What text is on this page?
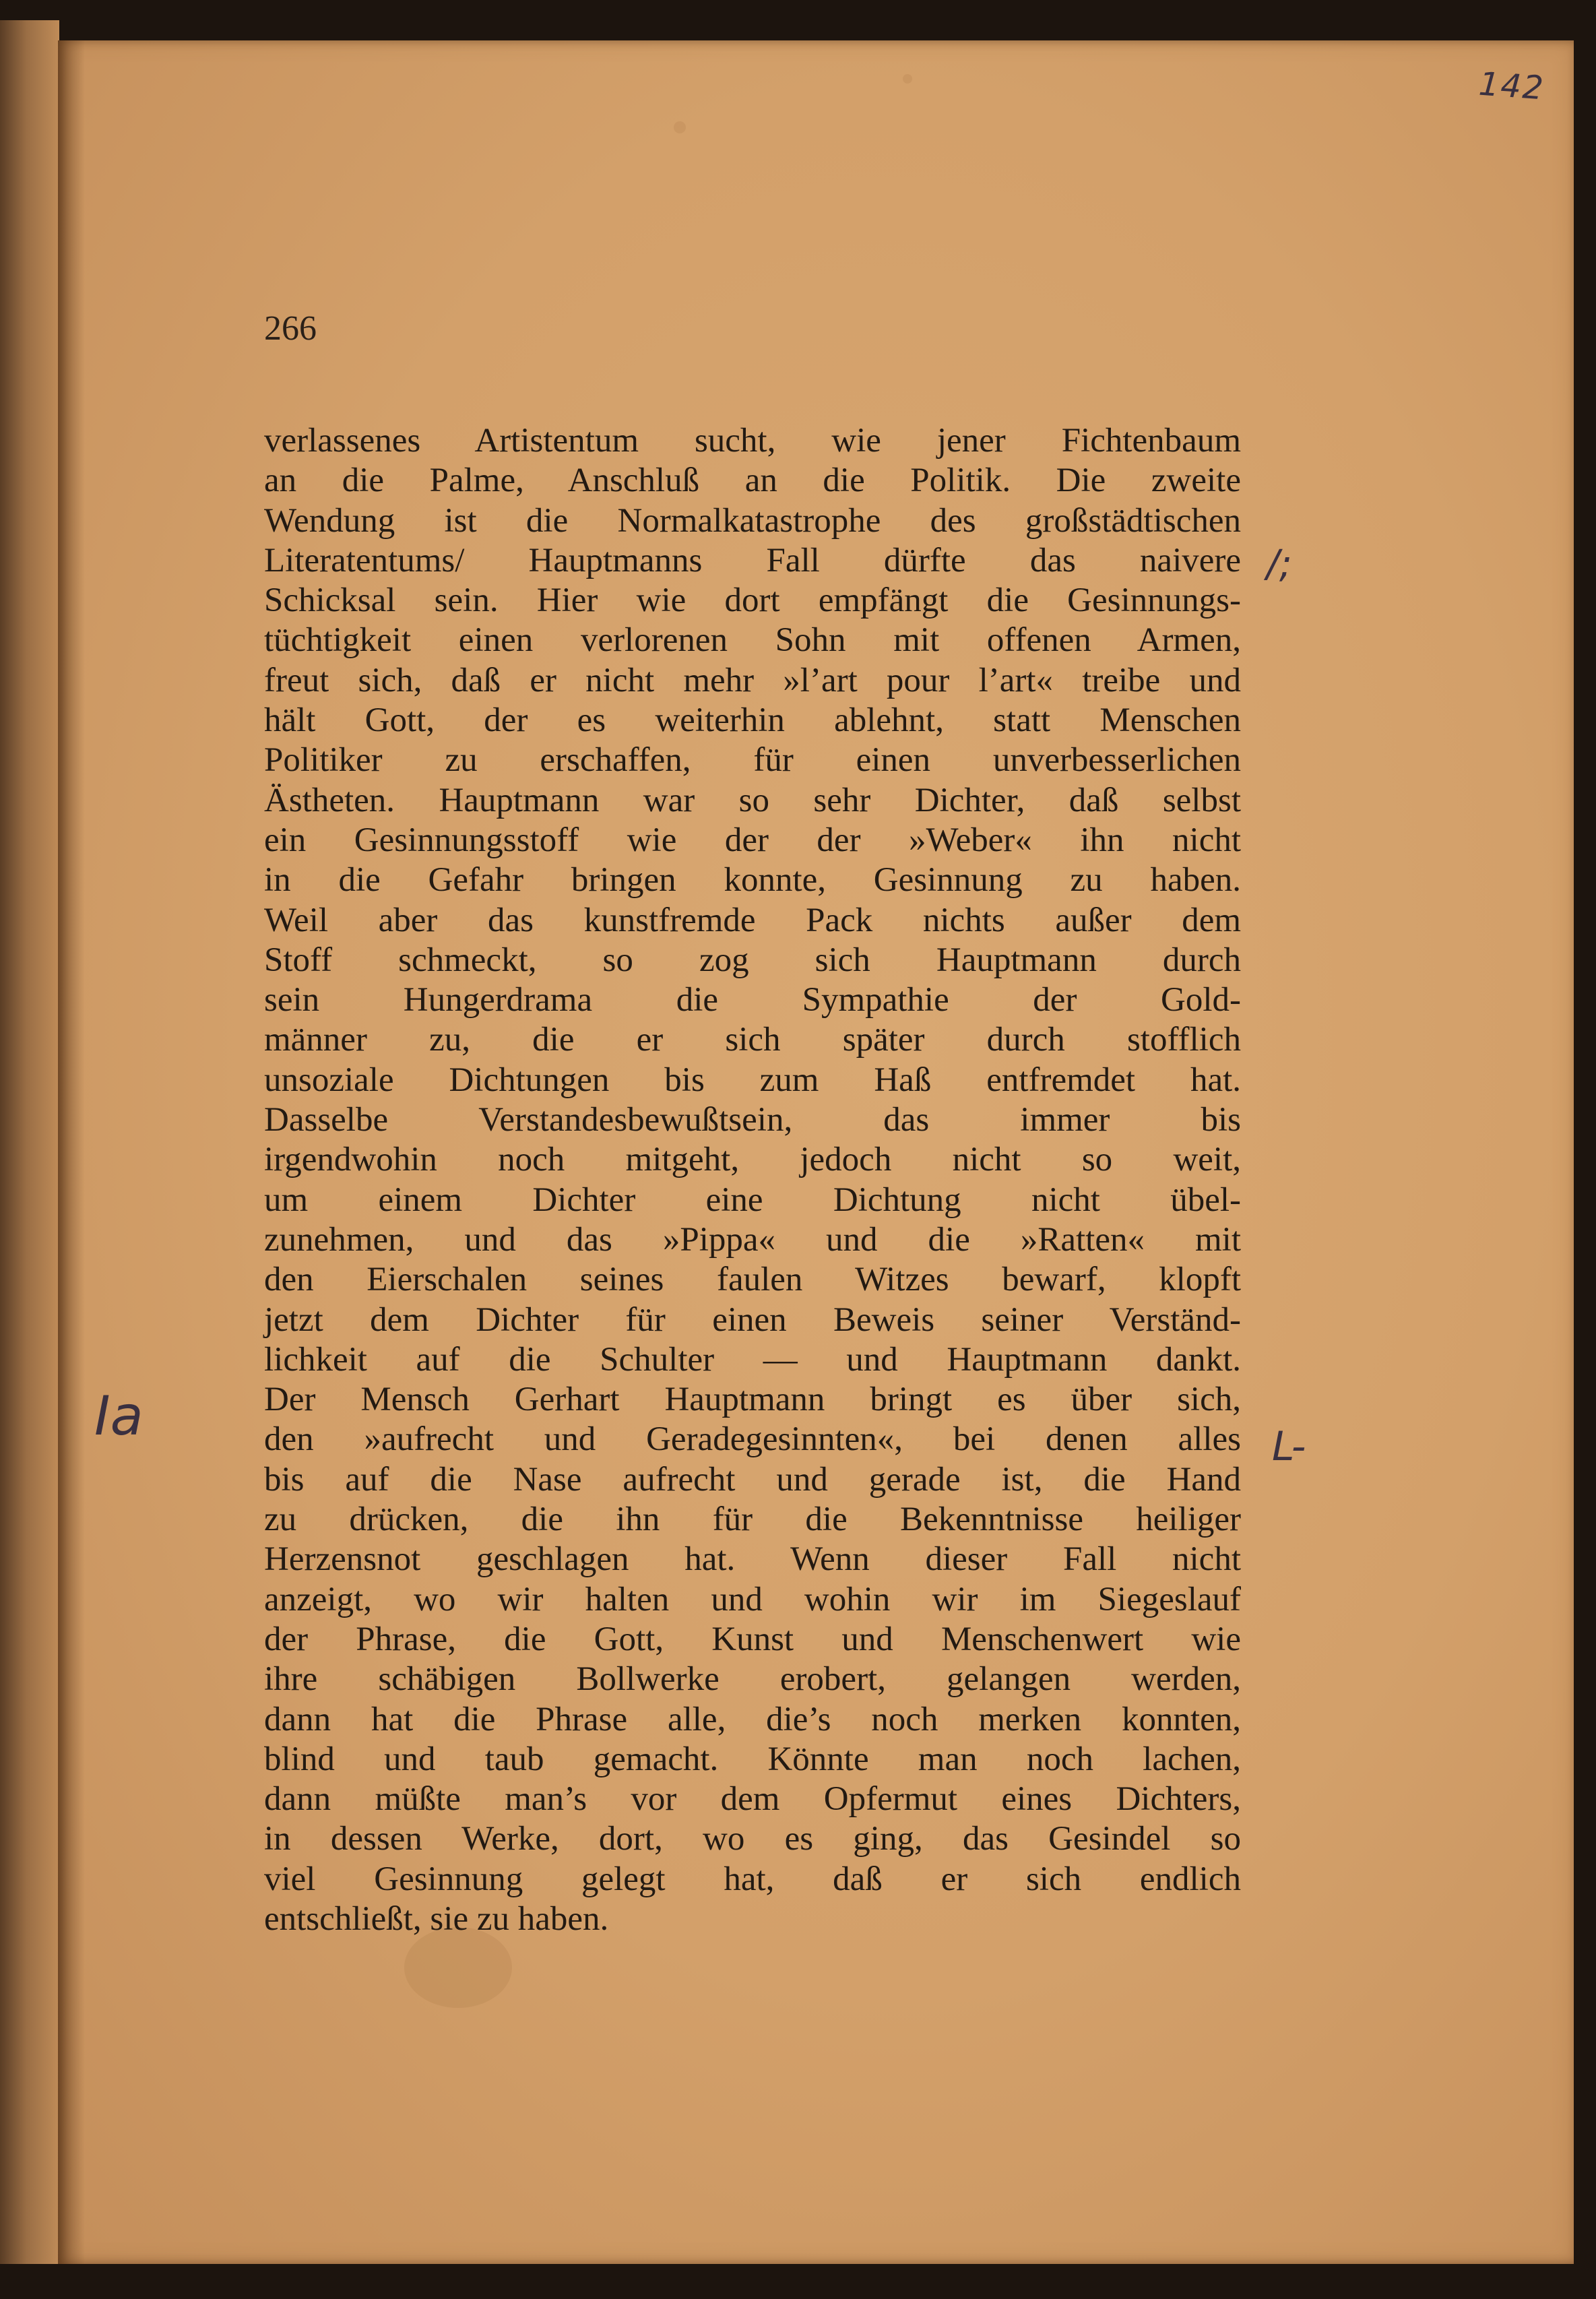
142
266
verlassenes Artistentum sucht, wie jener Fichtenbaum
an die Palme, Anschluß an die Politik. Die zweite
Wendung ist die Normalkatastrophe des großstädtischen
Literatentums/ Hauptmanns Fall dürfte das naivere
Schicksal sein. Hier wie dort empfängt die Gesinnungs-
tüchtigkeit einen verlorenen Sohn mit offenen Armen,
freut sich, daß er nicht mehr »l’art pour l’art« treibe und
hält Gott, der es weiterhin ablehnt, statt Menschen
Politiker zu erschaffen, für einen unverbesserlichen
Ästheten. Hauptmann war so sehr Dichter, daß selbst
ein Gesinnungsstoff wie der der »Weber« ihn nicht
in die Gefahr bringen konnte, Gesinnung zu haben.
Weil aber das kunstfremde Pack nichts außer dem
Stoff schmeckt, so zog sich Hauptmann durch
sein Hungerdrama die Sympathie der Gold-
männer zu, die er sich später durch stofflich
unsoziale Dichtungen bis zum Haß entfremdet hat.
Dasselbe Verstandesbewußtsein, das immer bis
irgendwohin noch mitgeht, jedoch nicht so weit,
um einem Dichter eine Dichtung nicht übel-
zunehmen, und das »Pippa« und die »Ratten« mit
den Eierschalen seines faulen Witzes bewarf, klopft
jetzt dem Dichter für einen Beweis seiner Verständ-
lichkeit auf die Schulter — und Hauptmann dankt.
Der Mensch Gerhart Hauptmann bringt es über sich,
den »aufrecht und Geradegesinnten«, bei denen alles
bis auf die Nase aufrecht und gerade ist, die Hand
zu drücken, die ihn für die Bekenntnisse heiliger
Herzensnot geschlagen hat. Wenn dieser Fall nicht
anzeigt, wo wir halten und wohin wir im Siegeslauf
der Phrase, die Gott, Kunst und Menschenwert wie
ihre schäbigen Bollwerke erobert, gelangen werden,
dann hat die Phrase alle, die’s noch merken konnten,
blind und taub gemacht. Könnte man noch lachen,
dann müßte man’s vor dem Opfermut eines Dichters,
in dessen Werke, dort, wo es ging, das Gesindel so
viel Gesinnung gelegt hat, daß er sich endlich
entschließt, sie zu haben.
/;
Ia	L-
